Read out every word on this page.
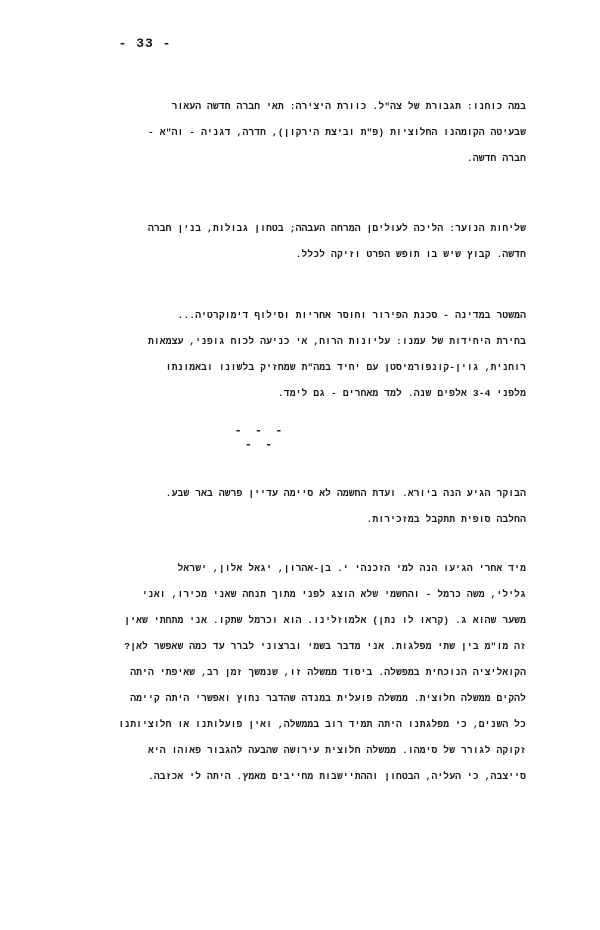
- 33 -
במה כוחנו: תגבורת של צה"ל. כוורת היצירה: תאי חברה חדשה העאור
שבעיטה הקומהנו החלוציות (פ"ת וביצת הירקון), חדרה, דגניה - וה"א -
חברה חדשה.
שליחות הנוער: הליכה לעוליםן המרחה העבהה; בטחון גבולות, בנין חברה
חדשה. קבוץ שיש בו תופש הפרט וזיקה לכלל.
המשטר במדינה - סכנת הפירור וחוסר אחריות וסילוף דימוקרטיה...
בחירת היחידות של עמנו: עליונות הרוח, אי כניעה לכוח גופני, עצמאות
רוחנית, גוין-קונפורמיסטן עם יחיד במה"ת שמחזיק בלשונו ובאמונתו
מלפני 3-4 אלפים שנה. למד מאחרים - גם לימד.
- - - - -
הבוקר הגיע הנה ביורא. ועדת החשמה לא סיימה עדיין פרשה באר שבע.
החלבה סופית תתקבל במזכירות.
מיד אחרי הגיעו הנה למי הזכנהי י. בן-אהרון, יגאל אלון, ישראל
גלילי, משה כרמל - והחשמי שלא הוצג לפני מתוך תנחה שאני מכירו, ואני
משער שהוא ג. (קראו לו נתן) אלמוזלינו. הוא וכרמל שתקו. אני מתחתי שאין
זה מו"מ בין שתי מפלגות. אני מדבר בשמי וברצוני לברר עד כמה שאפשר לאן?
הקואליציה הנוכחית במפשלה. ביסוד ממשלה זו, שנמשך זמן רב, שאיפתי היתה
להקים ממשלה חלוצית. ממשלה פועלית במנדה שהדבר נחוץ ואפשרי היתה קיימה
כל השנים, כי מפלגתנו היתה תמיד רוב בממשלה, ואין פועלותנו או חלוציותנו
זקוקה לגורר של סימהו. ממשלה חלוצית עירושה שהבעה להגבור פאוהו היא
סייצבה, כי העליה, הבטחון וההתיישבות מחייבים מאמץ. היתה לי אכזבה.
